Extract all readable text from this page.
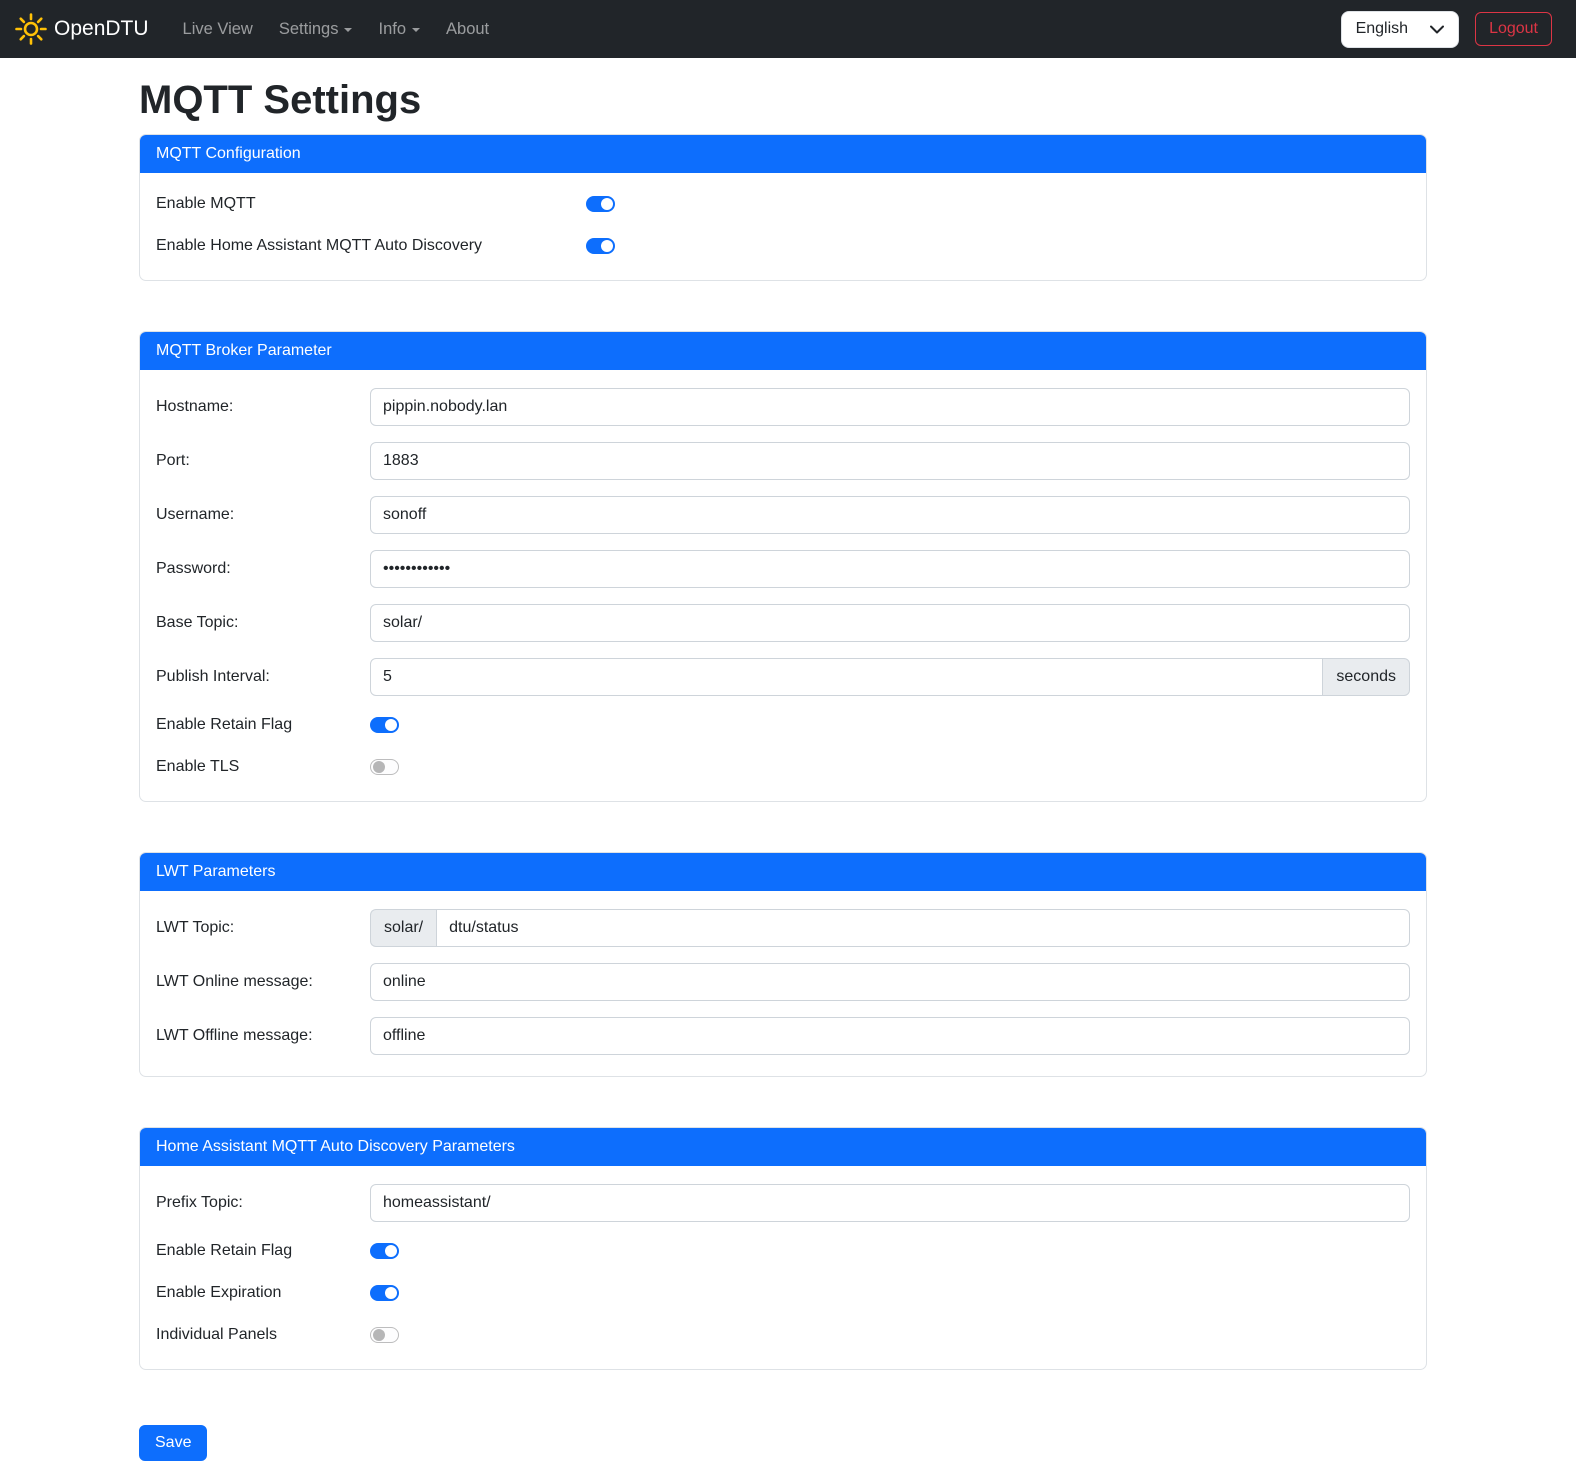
OpenDTU	Live View	Settings	Info	About	English	Logout
MQTT Settings
MQTT Configuration
Enable MQTT
Enable Home Assistant MQTT Auto Discovery
MQTT Broker Parameter
Hostname:
pippin.nobody.lan
Port:
1883
Username:
sonoff
Password:
••••••••••••
Base Topic:
solar/
Publish Interval:
5	seconds
Enable Retain Flag
Enable TLS
LWT Parameters
LWT Topic:	solar/
dtu/status
LWT Online message:
online
LWT Offline message:
offline
Home Assistant MQTT Auto Discovery Parameters
Prefix Topic:
homeassistant/
Enable Retain Flag
Enable Expiration
Individual Panels
Save
